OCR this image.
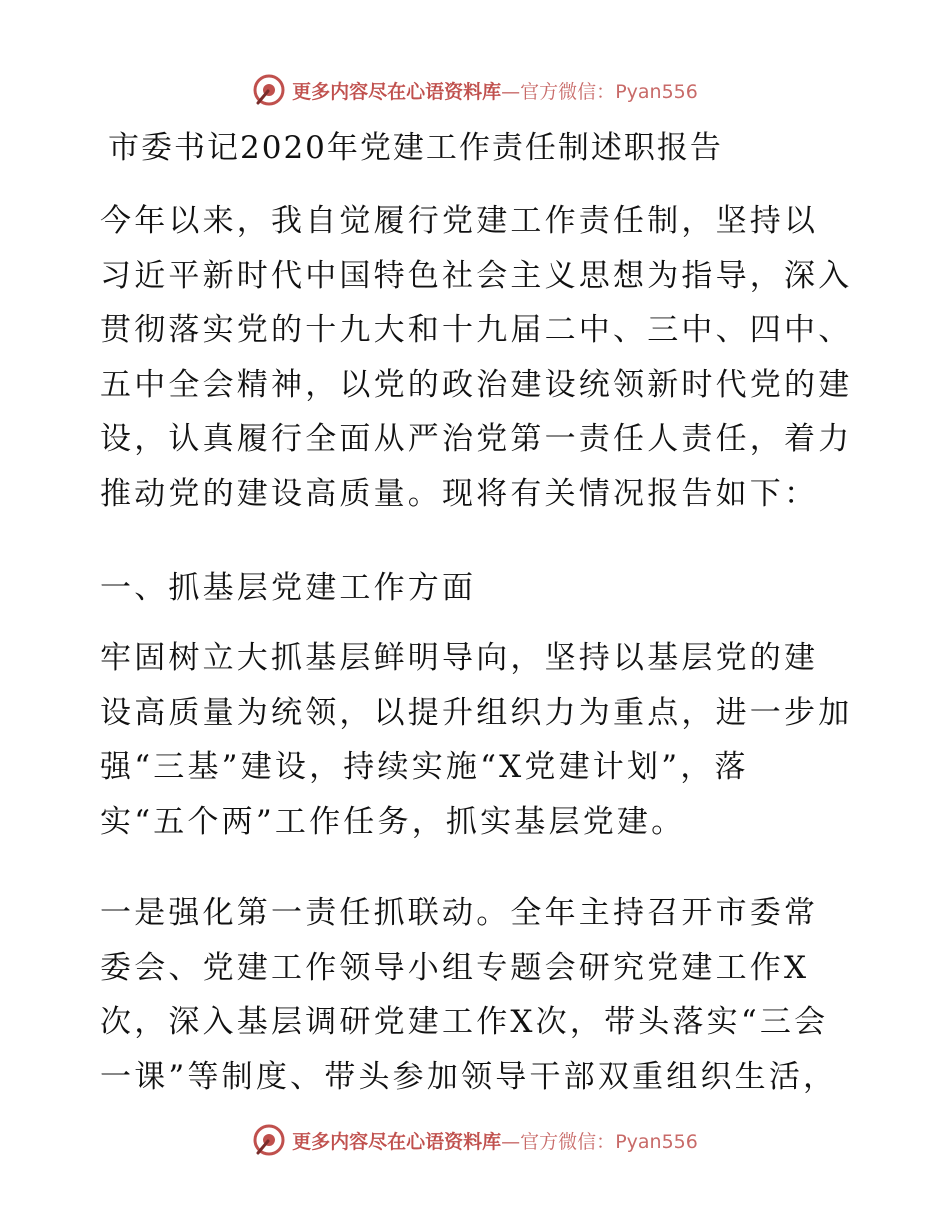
更多内容尽在心语资料库—官方微信：Pyan556
市委书记2020年党建工作责任制述职报告

今年以来，我自觉履行党建工作责任制，坚持以
习近平新时代中国特色社会主义思想为指导，深入
贯彻落实党的十九大和十九届二中、三中、四中、
五中全会精神，以党的政治建设统领新时代党的建
设，认真履行全面从严治党第一责任人责任，着力
推动党的建设高质量。现将有关情况报告如下：

一、抓基层党建工作方面

牢固树立大抓基层鲜明导向，坚持以基层党的建
设高质量为统领，以提升组织力为重点，进一步加
强“三基”建设，持续实施“X党建计划”，落
实“五个两”工作任务，抓实基层党建。

一是强化第一责任抓联动。全年主持召开市委常
委会、党建工作领导小组专题会研究党建工作X
次，深入基层调研党建工作X次，带头落实“三会
一课”等制度、带头参加领导干部双重组织生活，

更多内容尽在心语资料库—官方微信：Pyan556
